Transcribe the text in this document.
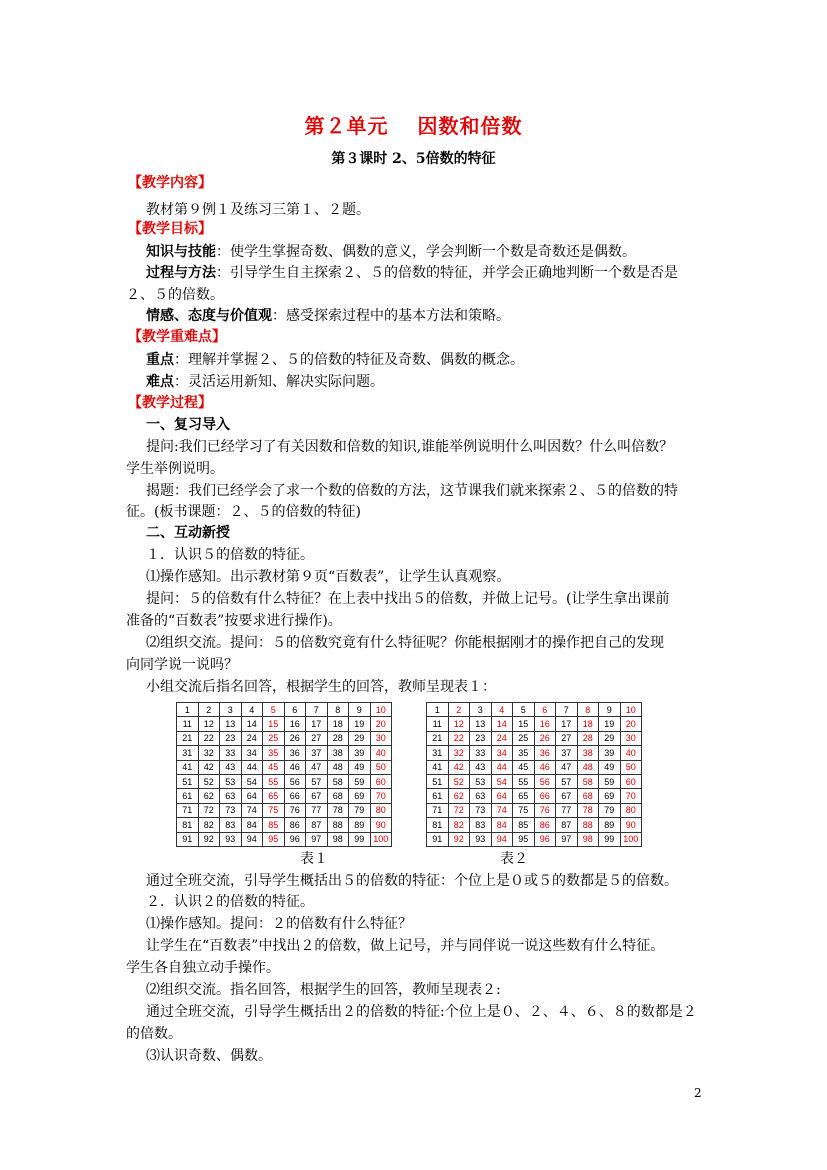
第２单元　 因数和倍数
第３课时 2、5倍数的特征
【教学内容】
教材第９例１及练习三第１、２题。
【教学目标】
知识与技能：使学生掌握奇数、偶数的意义，学会判断一个数是奇数还是偶数。
过程与方法：引导学生自主探索２、５的倍数的特征，并学会正确地判断一个数是否是
２、５的倍数。
情感、态度与价值观：感受探索过程中的基本方法和策略。
【教学重难点】
重点：理解并掌握２、５的倍数的特征及奇数、偶数的概念。
难点：灵活运用新知、解决实际问题。
【教学过程】
一、复习导入
提问:我们已经学习了有关因数和倍数的知识,谁能举例说明什么叫因数？什么叫倍数？
学生举例说明。
揭题：我们已经学会了求一个数的倍数的方法，这节课我们就来探索２、５的倍数的特
征。(板书课题：２、５的倍数的特征)
二、互动新授
１．认识５的倍数的特征。
⑴操作感知。出示教材第９页“百数表”，让学生认真观察。
提问：５的倍数有什么特征？在上表中找出５的倍数，并做上记号。(让学生拿出课前
准备的“百数表”按要求进行操作)。
⑵组织交流。提问：５的倍数究竟有什么特征呢？你能根据刚才的操作把自己的发现
向同学说一说吗？
小组交流后指名回答，根据学生的回答，教师呈现表１：
1	2	3	4	5	6	7	8	9	10
11	12	13	14	15	16	17	18	19	20
21	22	23	24	25	26	27	28	29	30
31	32	33	34	35	36	37	38	39	40
41	42	43	44	45	46	47	48	49	50
51	52	53	54	55	56	57	58	59	60
61	62	63	64	65	66	67	68	69	70
71	72	73	74	75	76	77	78	79	80
81	82	83	84	85	86	87	88	89	90
91	92	93	94	95	96	97	98	99	100
1	2	3	4	5	6	7	8	9	10
11	12	13	14	15	16	17	18	19	20
21	22	23	24	25	26	27	28	29	30
31	32	33	34	35	36	37	38	39	40
41	42	43	44	45	46	47	48	49	50
51	52	53	54	55	56	57	58	59	60
61	62	63	64	65	66	67	68	69	70
71	72	73	74	75	76	77	78	79	80
81	82	83	84	85	86	87	88	89	90
91	92	93	94	95	96	97	98	99	100
表１	表２
通过全班交流，引导学生概括出５的倍数的特征：个位上是０或５的数都是５的倍数。
２．认识２的倍数的特征。
⑴操作感知。提问：２的倍数有什么特征？
让学生在“百数表”中找出２的倍数，做上记号，并与同伴说一说这些数有什么特征。
学生各自独立动手操作。
⑵组织交流。指名回答，根据学生的回答，教师呈现表２:
通过全班交流，引导学生概括出２的倍数的特征:个位上是０、２、４、６、８的数都是２
的倍数。
⑶认识奇数、偶数。
2
